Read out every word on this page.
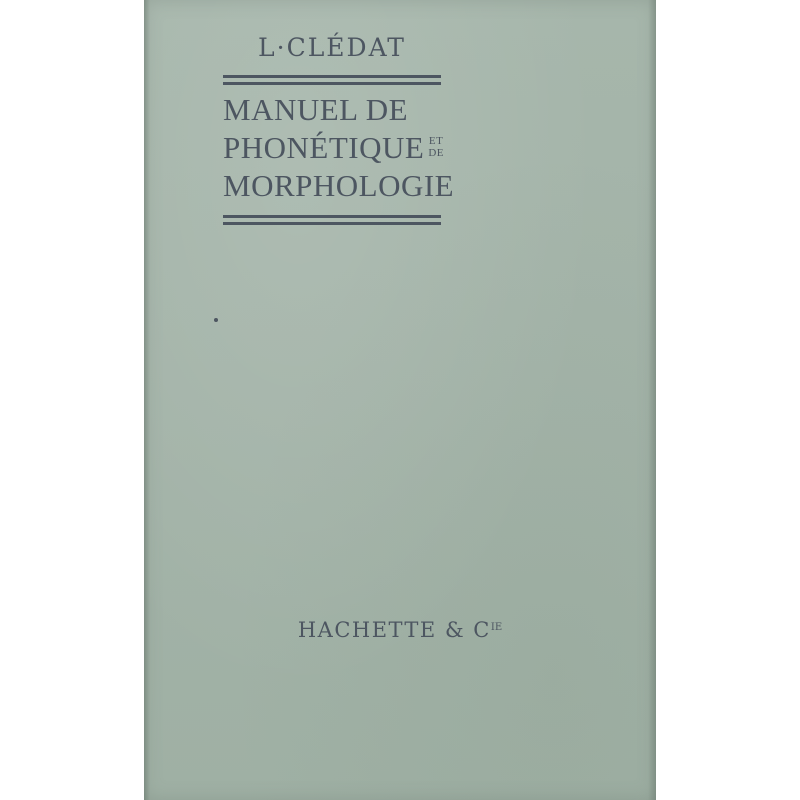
L·CLÉDAT
MANUEL DE
PHONÉTIQUE ET
DE
MORPHOLOGIE
HACHETTE & $C^{IE}$
